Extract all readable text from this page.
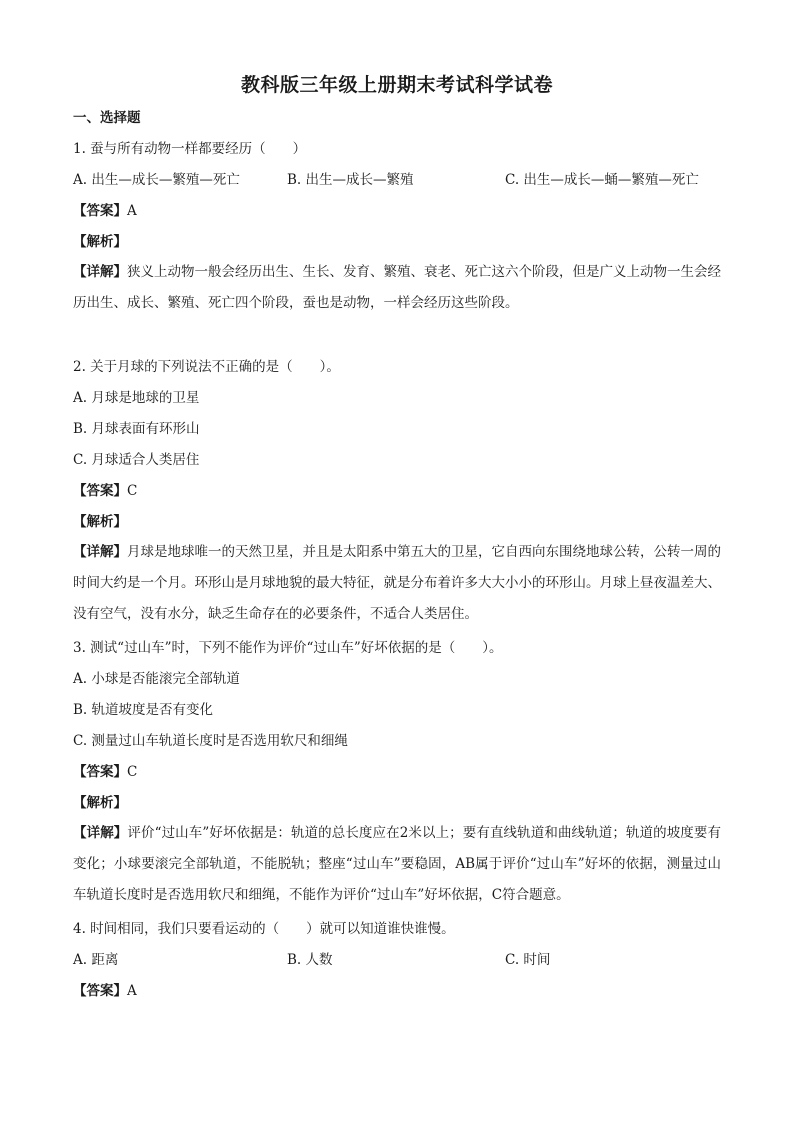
教科版三年级上册期末考试科学试卷
一、选择题
1. 蚕与所有动物一样都要经历（　　）
A. 出生—成长—繁殖—死亡	B. 出生—成长—繁殖	C. 出生—成长—蛹—繁殖—死亡
【答案】A
【解析】
【详解】狭义上动物一般会经历出生、生长、发育、繁殖、衰老、死亡这六个阶段，但是广义上动物一生会经历出生、成长、繁殖、死亡四个阶段，蚕也是动物，一样会经历这些阶段。
2. 关于月球的下列说法不正确的是（　　）。
A. 月球是地球的卫星
B. 月球表面有环形山
C. 月球适合人类居住
【答案】C
【解析】
【详解】月球是地球唯一的天然卫星，并且是太阳系中第五大的卫星，它自西向东围绕地球公转，公转一周的时间大约是一个月。环形山是月球地貌的最大特征，就是分布着许多大大小小的环形山。月球上昼夜温差大、没有空气，没有水分，缺乏生命存在的必要条件，不适合人类居住。
3. 测试“过山车”时，下列不能作为评价“过山车”好坏依据的是（　　）。
A. 小球是否能滚完全部轨道
B. 轨道坡度是否有变化
C. 测量过山车轨道长度时是否选用软尺和细绳
【答案】C
【解析】
【详解】评价“过山车”好坏依据是：轨道的总长度应在2米以上；要有直线轨道和曲线轨道；轨道的坡度要有变化；小球要滚完全部轨道，不能脱轨；整座“过山车”要稳固，AB属于评价“过山车”好坏的依据，测量过山车轨道长度时是否选用软尺和细绳，不能作为评价“过山车”好坏依据，C符合题意。
4. 时间相同，我们只要看运动的（　　）就可以知道谁快谁慢。
A. 距离	B. 人数	C. 时间
【答案】A
